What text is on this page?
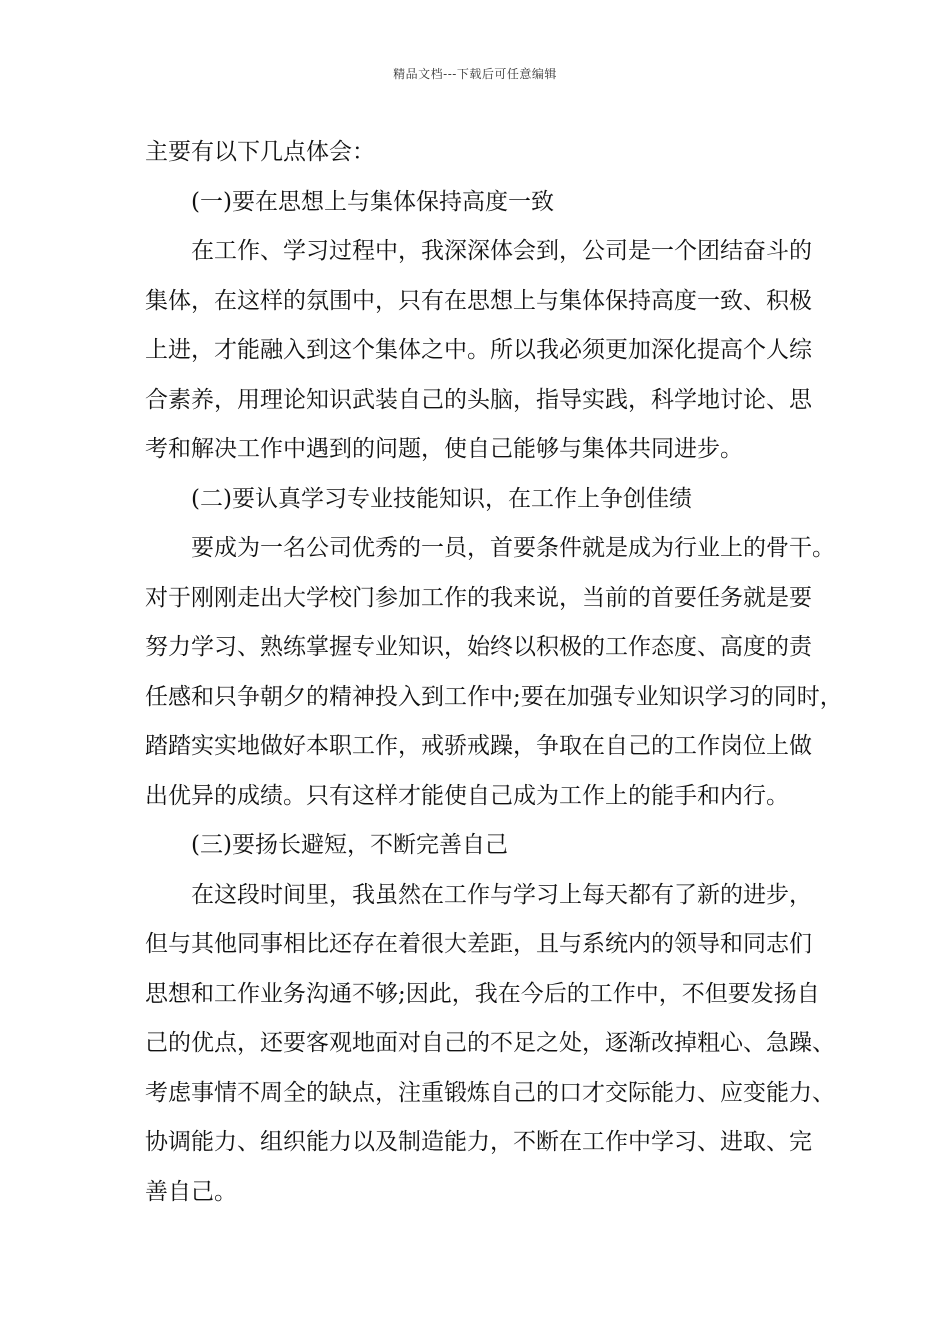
精品文档---下载后可任意编辑
主要有以下几点体会：
(一)要在思想上与集体保持高度一致
在工作、学习过程中，我深深体会到，公司是一个团结奋斗的
集体，在这样的氛围中，只有在思想上与集体保持高度一致、积极
上进，才能融入到这个集体之中。所以我必须更加深化提高个人综
合素养，用理论知识武装自己的头脑，指导实践，科学地讨论、思
考和解决工作中遇到的问题，使自己能够与集体共同进步。
(二)要认真学习专业技能知识，在工作上争创佳绩
要成为一名公司优秀的一员，首要条件就是成为行业上的骨干。
对于刚刚走出大学校门参加工作的我来说，当前的首要任务就是要
努力学习、熟练掌握专业知识，始终以积极的工作态度、高度的责
任感和只争朝夕的精神投入到工作中;要在加强专业知识学习的同时，
踏踏实实地做好本职工作，戒骄戒躁，争取在自己的工作岗位上做
出优异的成绩。只有这样才能使自己成为工作上的能手和内行。
(三)要扬长避短，不断完善自己
在这段时间里，我虽然在工作与学习上每天都有了新的进步，
但与其他同事相比还存在着很大差距，且与系统内的领导和同志们
思想和工作业务沟通不够;因此，我在今后的工作中，不但要发扬自
己的优点，还要客观地面对自己的不足之处，逐渐改掉粗心、急躁、
考虑事情不周全的缺点，注重锻炼自己的口才交际能力、应变能力、
协调能力、组织能力以及制造能力，不断在工作中学习、进取、完
善自己。
